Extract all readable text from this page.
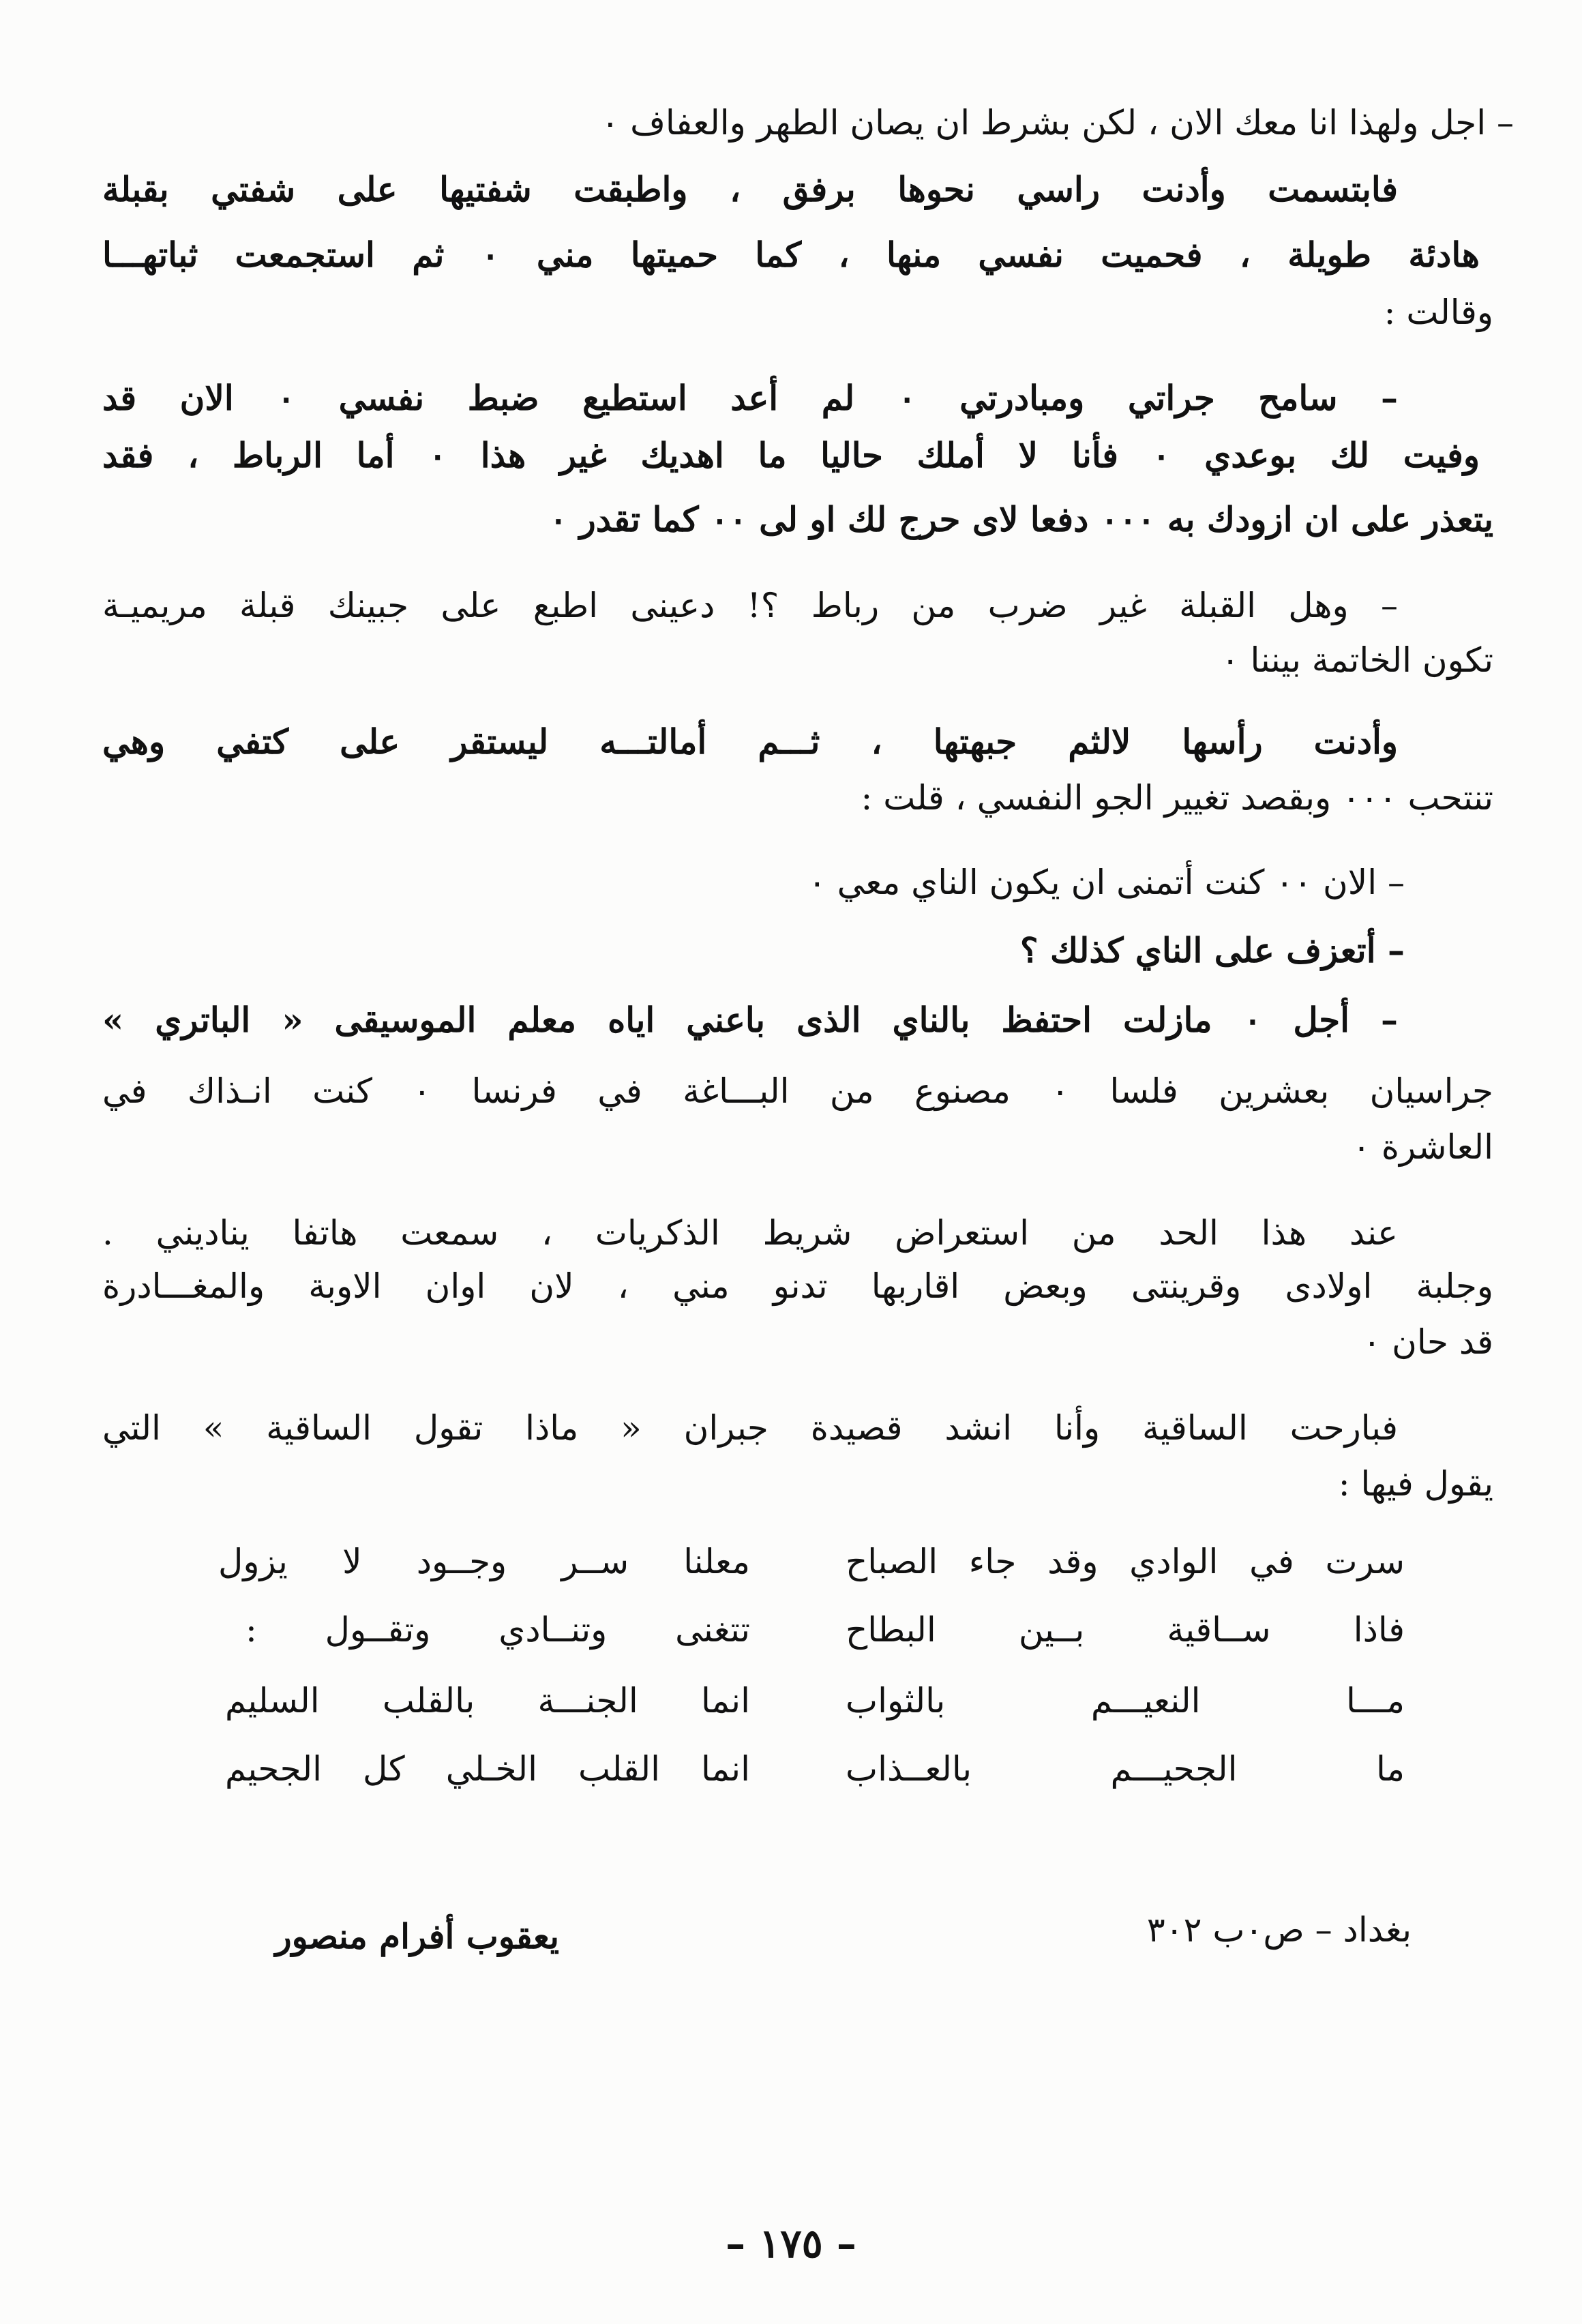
– اجل ولهذا انا معك الان ، لكن بشرط ان يصان الطهر والعفاف ٠
فابتسمت وأدنت راسي نحوها برفق ، واطبقت شفتيها على شفتي بقبلة
هادئة طويلة ، فحميت نفسي منها ، كما حميتها مني ٠ ثم استجمعت ثباتهـــا
وقالت :
– سامح جراتي ومبادرتي ٠ لم أعد استطيع ضبط نفسي ٠ الان قد
وفيت لك بوعدي ٠ فأنا لا أملك حاليا ما اهديك غير هذا ٠ أما الرباط ، فقد
يتعذر على ان ازودك به ٠٠٠ دفعا لاى حرج لك او لى ٠٠ كما تقدر ٠
– وهل القبلة غير ضرب من رباط ؟! دعينى اطبع على جبينك قبلة مريميـة
تكون الخاتمة بيننا ٠
وأدنت رأسها لالثم جبهتها ، ثـــم أمالتـــه ليستقر على كتفي وهي
تنتحب ٠٠٠ وبقصد تغيير الجو النفسي ، قلت :
– الان ٠٠ كنت أتمنى ان يكون الناي معي ٠
– أتعزف على الناي كذلك ؟
– أجل ٠ مازلت احتفظ بالناي الذى باعني اياه معلم الموسيقى « الباتري »
جراسيان بعشرين فلسا ٠ مصنوع من البـــاغة في فرنسا ٠ كنت انـذاك في
العاشرة ٠
عند هذا الحد من استعراض شريط الذكريات ، سمعت هاتفا يناديني .
وجلبة اولادى وقرينتى وبعض اقاربها تدنو مني ، لان اوان الاوبة والمغـــادرة
قد حان ٠
فبارحت الساقية وأنا انشد قصيدة جبران « ماذا تقول الساقية » التي
يقول فيها :
سرت في الوادي وقد جاء الصباح
معلنا ســر وجــود لا يزول
فاذا ســاقية بــين البطاح
تتغنى وتنــادي وتقــول :
مـــا النعيـــم بالثواب
انما الجنـــة بالقلب السليم
ما الجحيـــم بالعــذاب
انما القلب الخـلي كل الجحيم
بغداد – ص٠ب ٣٠٢
يعقوب أفرام منصور
– ١٧٥ –
